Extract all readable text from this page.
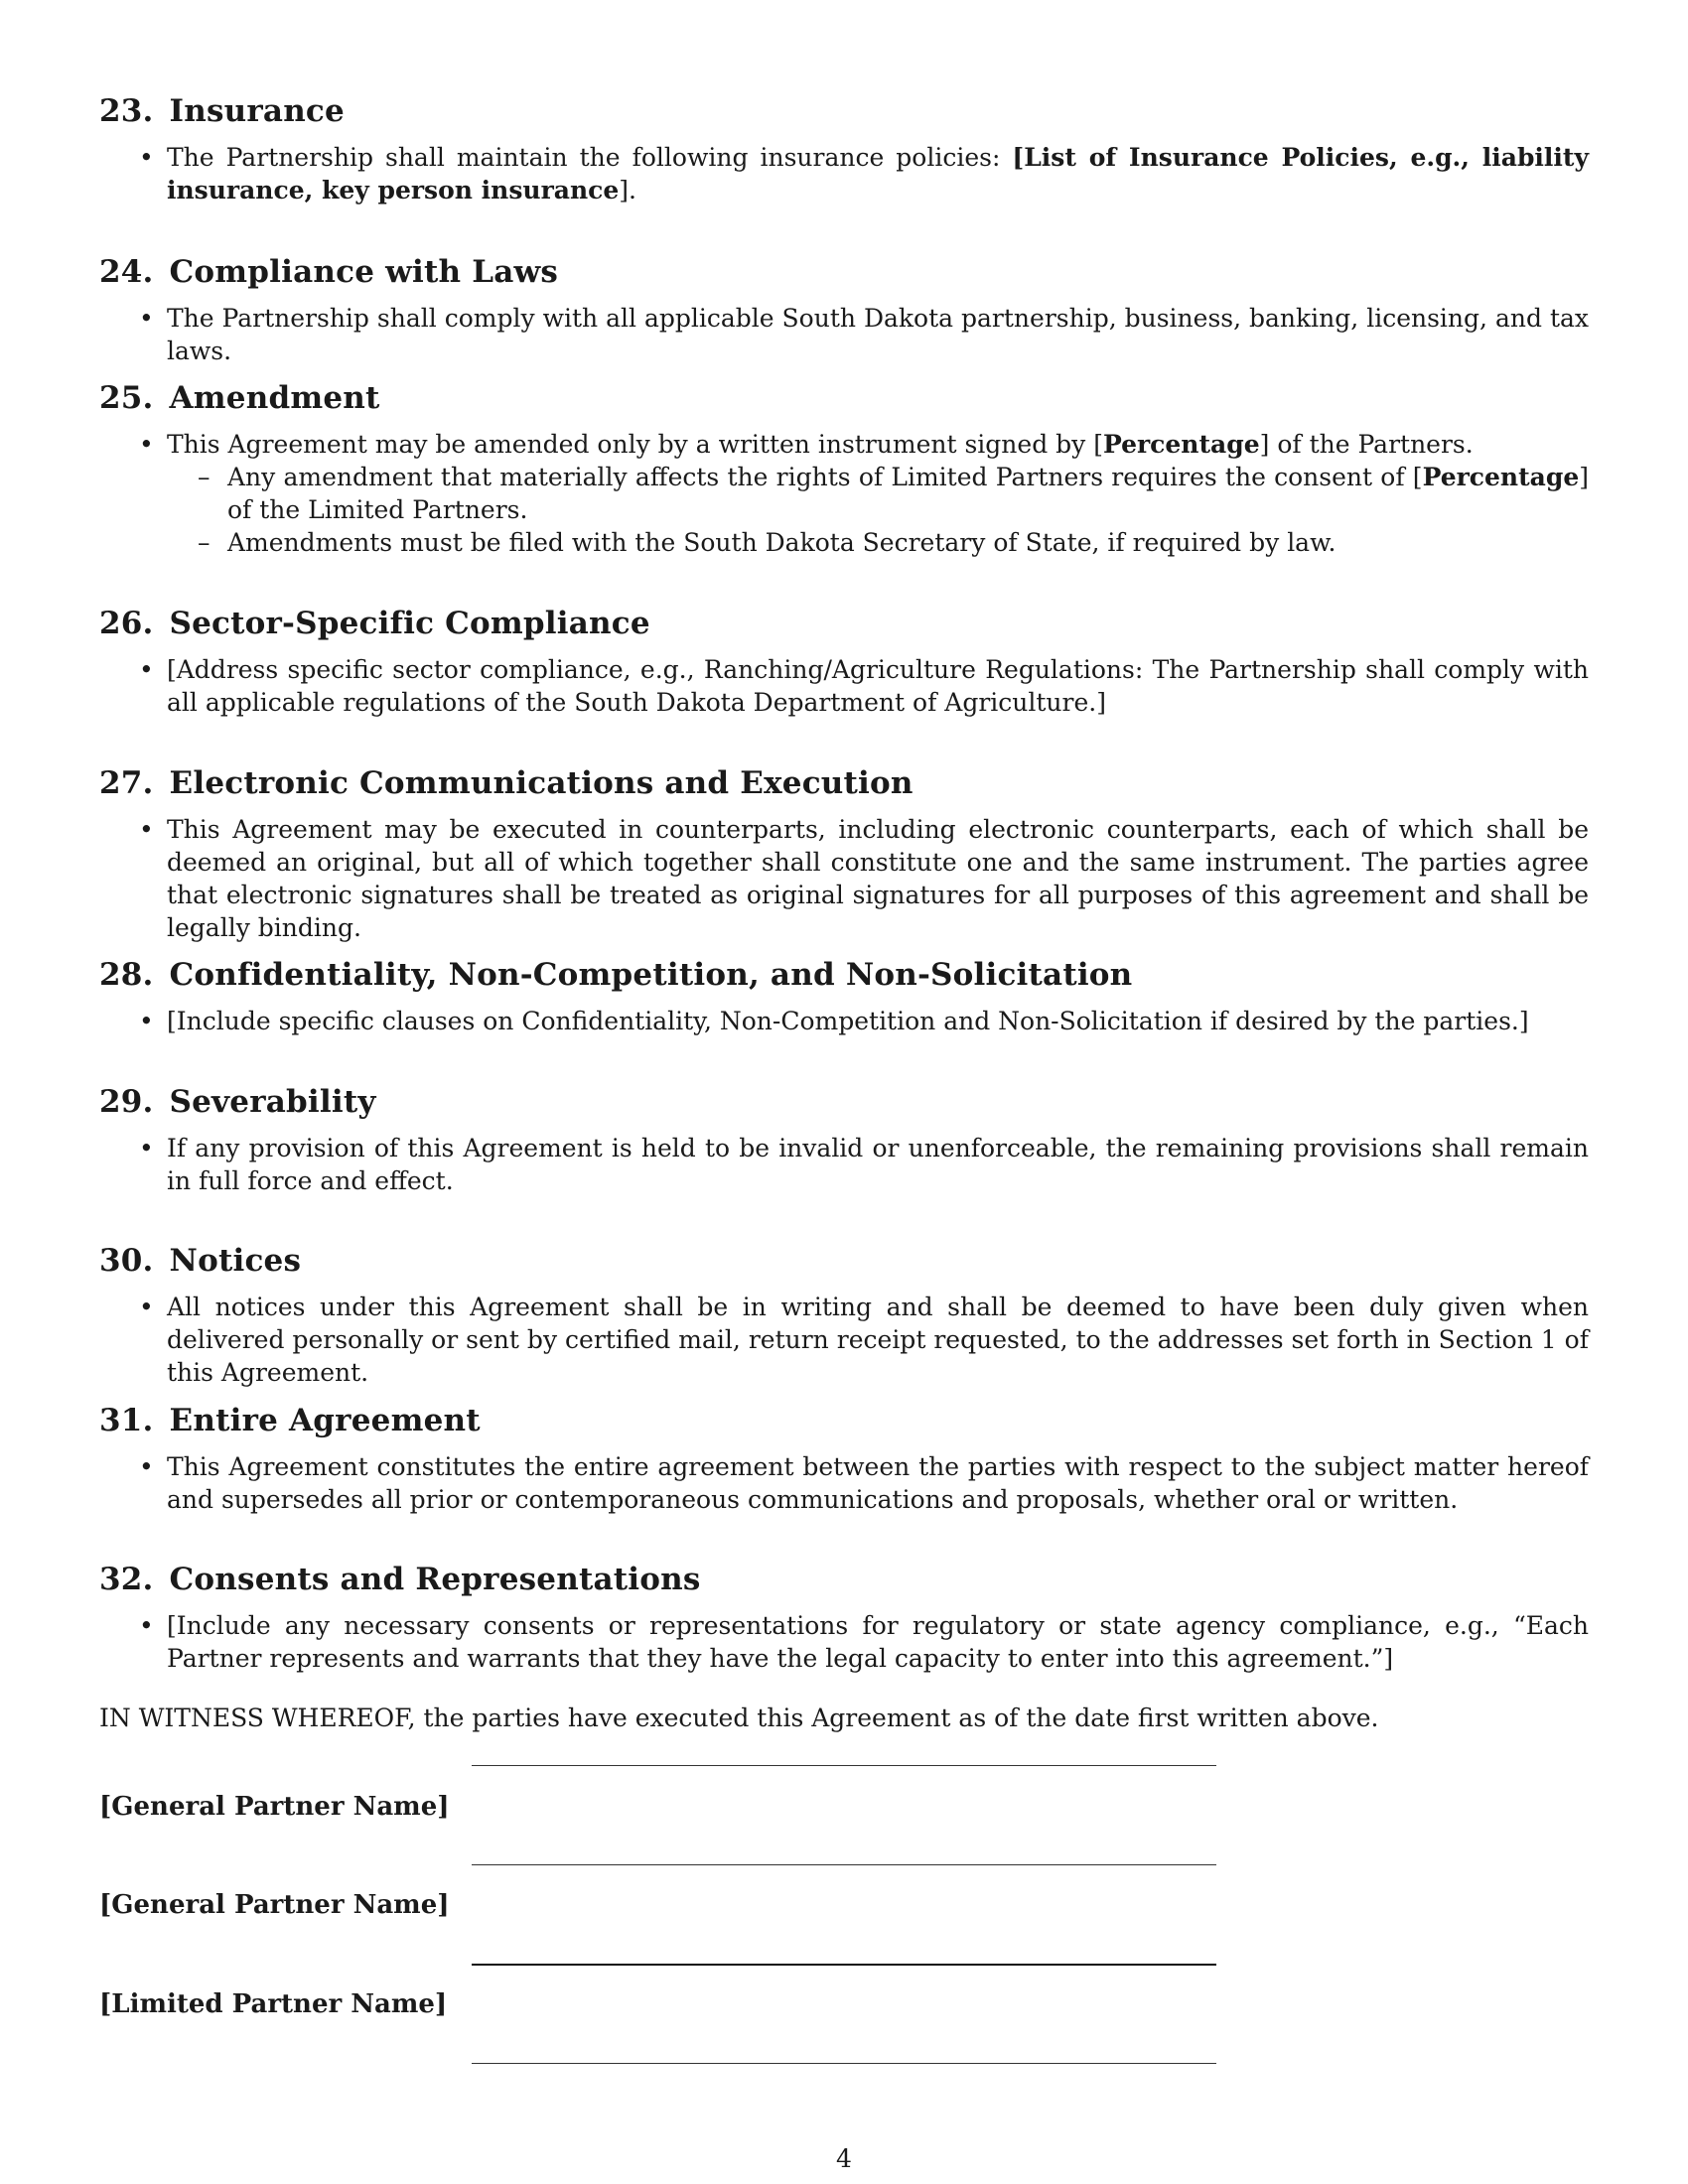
23. Insurance
• The Partnership shall maintain the following insurance policies: [List of Insurance Policies, e.g., liability insurance, key person insurance].
24. Compliance with Laws
• The Partnership shall comply with all applicable South Dakota partnership, business, banking, licensing, and tax laws.
25. Amendment
• This Agreement may be amended only by a written instrument signed by [Percentage] of the Partners.
– Any amendment that materially affects the rights of Limited Partners requires the consent of [Percentage] of the Limited Partners.
– Amendments must be filed with the South Dakota Secretary of State, if required by law.
26. Sector-Specific Compliance
• [Address specific sector compliance, e.g., Ranching/Agriculture Regulations: The Partnership shall comply with all applicable regulations of the South Dakota Department of Agriculture.]
27. Electronic Communications and Execution
• This Agreement may be executed in counterparts, including electronic counterparts, each of which shall be deemed an original, but all of which together shall constitute one and the same instrument. The parties agree that electronic signatures shall be treated as original signatures for all purposes of this agreement and shall be legally binding.
28. Confidentiality, Non-Competition, and Non-Solicitation
• [Include specific clauses on Confidentiality, Non-Competition and Non-Solicitation if desired by the parties.]
29. Severability
• If any provision of this Agreement is held to be invalid or unenforceable, the remaining provisions shall remain in full force and effect.
30. Notices
• All notices under this Agreement shall be in writing and shall be deemed to have been duly given when delivered personally or sent by certified mail, return receipt requested, to the addresses set forth in Section 1 of this Agreement.
31. Entire Agreement
• This Agreement constitutes the entire agreement between the parties with respect to the subject matter hereof and supersedes all prior or contemporaneous communications and proposals, whether oral or written.
32. Consents and Representations
• [Include any necessary consents or representations for regulatory or state agency compliance, e.g., “Each Partner represents and warrants that they have the legal capacity to enter into this agreement.”]
IN WITNESS WHEREOF, the parties have executed this Agreement as of the date first written above.
[General Partner Name]
[General Partner Name]
[Limited Partner Name]
4
